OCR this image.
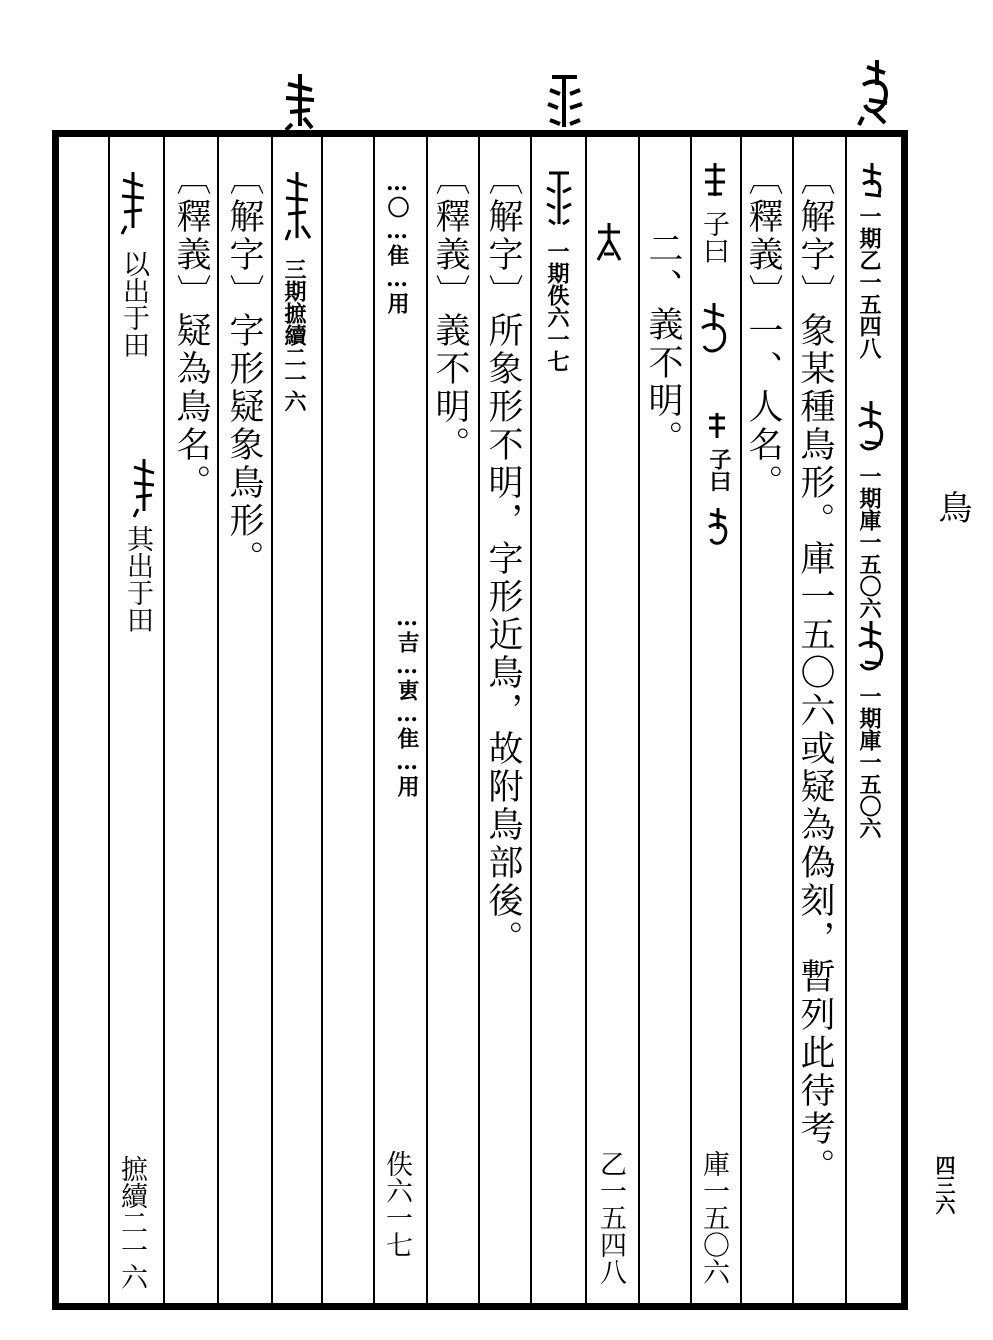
鳥
四三六
一期乙一五四八
一期庫一五〇六
一期庫一五〇六
〔解字〕象某種鳥形。庫一五〇六或疑為偽刻，暫列此待考。
〔釋義〕一、人名。
子曰
子曰
庫一五〇六
二、義不明。
乙一五四八
一期佚六一七
〔解字〕所象形不明，字形近鳥，故附鳥部後。
〔釋義〕義不明。
…〇…隹…用
…吉…叀…隹…用
佚六一七
三期摭續二一六
〔解字〕字形疑象鳥形。
〔釋義〕疑為鳥名。
以出于田
其出于田
摭續二一六
